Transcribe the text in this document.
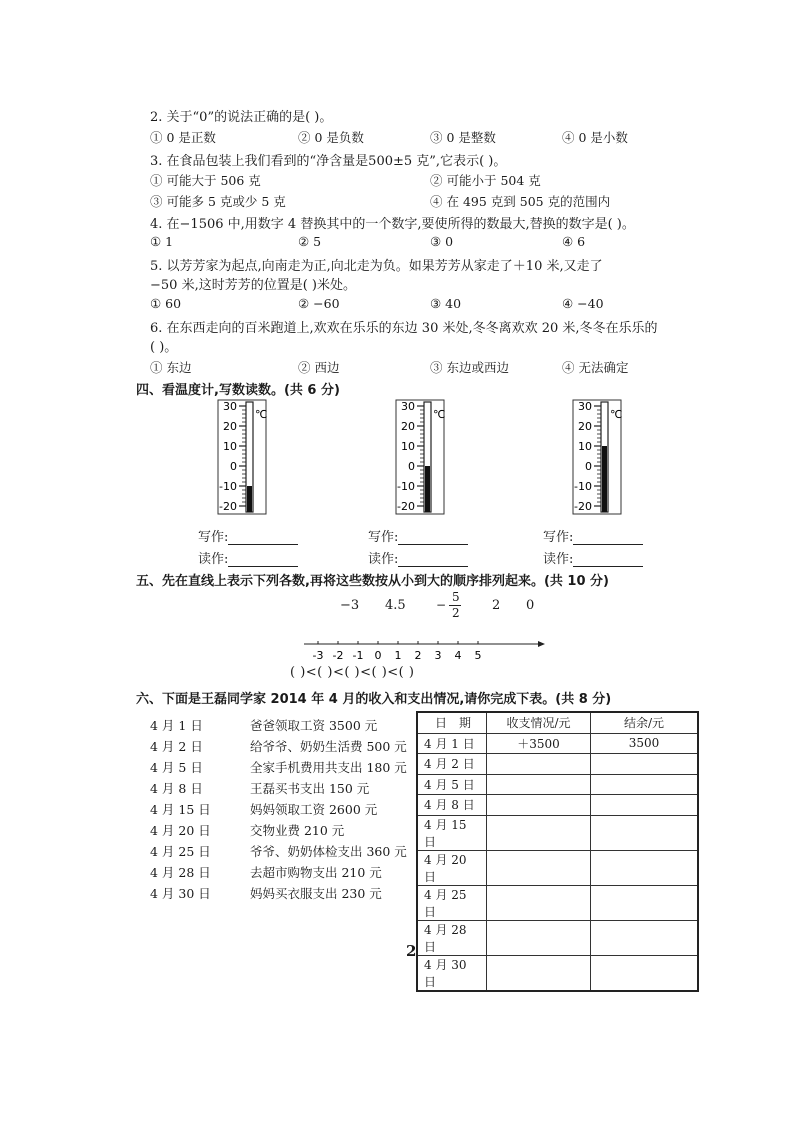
2. 关于“0”的说法正确的是( )。
① 0 是正数	② 0 是负数	③ 0 是整数	④ 0 是小数
3. 在食品包装上我们看到的“净含量是500±5 克”,它表示( )。
① 可能大于 506 克	② 可能小于 504 克
③ 可能多 5 克或少 5 克	④ 在 495 克到 505 克的范围内
4. 在−1506 中,用数字 4 替换其中的一个数字,要使所得的数最大,替换的数字是( )。
① 1	② 5	③ 0	④ 6
5. 以芳芳家为起点,向南走为正,向北走为负。如果芳芳从家走了＋10 米,又走了
−50 米,这时芳芳的位置是( )米处。
① 60	② −60	③ 40	④ −40
6. 在东西走向的百米跑道上,欢欢在乐乐的东边 30 米处,冬冬离欢欢 20 米,冬冬在乐乐的
( )。
① 东边	② 西边	③ 东边或西边	④ 无法确定
四、看温度计,写数读数。(共 6 分)
30
20
10
0
-10
-20
℃
30
20
10
0
-10
-20
℃
30
20
10
0
-10
-20
℃
写作:
读作:
写作:
读作:
写作:
读作:
五、先在直线上表示下列各数,再将这些数按从小到大的顺序排列起来。(共 10 分)
−3 4.5	−
5
2 2 0
-3 -2 -1 0 1 2 3 4 5
( )<( )<( )<( )<( )
六、下面是王磊同学家 2014 年 4 月的收入和支出情况,请你完成下表。(共 8 分)
4 月 1 日	爸爸领取工资 3500 元
4 月 2 日	给爷爷、奶奶生活费 500 元
4 月 5 日	全家手机费用共支出 180 元
4 月 8 日	王磊买书支出 150 元
4 月 15 日	妈妈领取工资 2600 元
4 月 20 日	交物业费 210 元
4 月 25 日	爷爷、奶奶体检支出 360 元
4 月 28 日	去超市购物支出 210 元
4 月 30 日	妈妈买衣服支出 230 元
日　期	收支情况/元	结余/元
4 月 1 日	＋3500	3500
4 月 2 日		
4 月 5 日		
4 月 8 日		
4 月 15 日		
4 月 20 日		
4 月 25 日		
4 月 28 日		
4 月 30 日		
2
